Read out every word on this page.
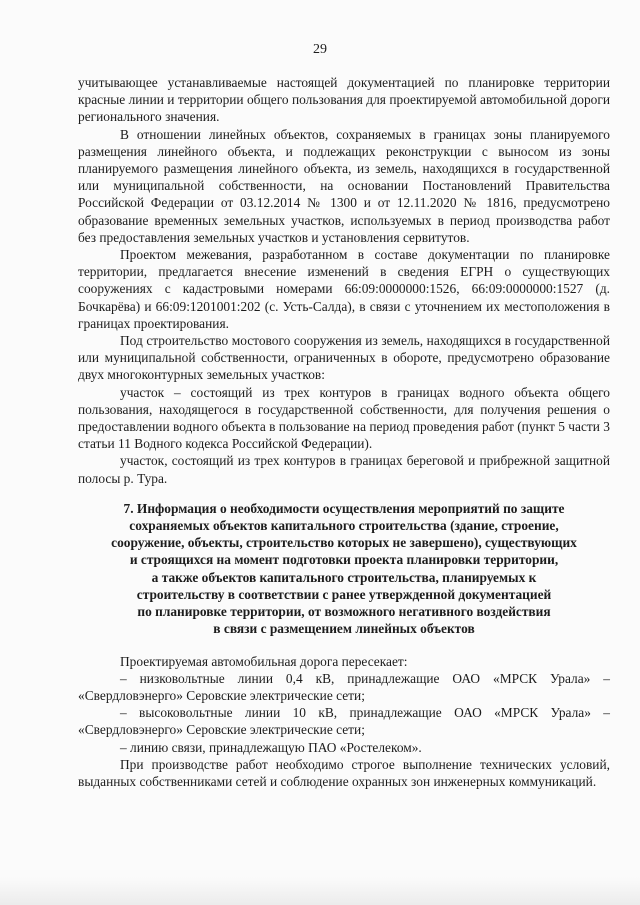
29

учитывающее устанавливаемые настоящей документацией по планировке территории красные линии и территории общего пользования для проектируемой автомобильной дороги регионального значения.

В отношении линейных объектов, сохраняемых в границах зоны планируемого размещения линейного объекта, и подлежащих реконструкции с выносом из зоны планируемого размещения линейного объекта, из земель, находящихся в государственной или муниципальной собственности, на основании Постановлений Правительства Российской Федерации от 03.12.2014 № 1300 и от 12.11.2020 № 1816, предусмотрено образование временных земельных участков, используемых в период производства работ без предоставления земельных участков и установления сервитутов.

Проектом межевания, разработанном в составе документации по планировке территории, предлагается внесение изменений в сведения ЕГРН о существующих сооружениях с кадастровыми номерами 66:09:0000000:1526, 66:09:0000000:1527 (д. Бочкарёва) и 66:09:1201001:202 (с. Усть-Салда), в связи с уточнением их местоположения в границах проектирования.

Под строительство мостового сооружения из земель, находящихся в государственной или муниципальной собственности, ограниченных в обороте, предусмотрено образование двух многоконтурных земельных участков:

участок – состоящий из трех контуров в границах водного объекта общего пользования, находящегося в государственной собственности, для получения решения о предоставлении водного объекта в пользование на период проведения работ (пункт 5 части 3 статьи 11 Водного кодекса Российской Федерации).

участок, состоящий из трех контуров в границах береговой и прибрежной защитной полосы р. Тура.

7. Информация о необходимости осуществления мероприятий по защите
сохраняемых объектов капитального строительства (здание, строение,
сооружение, объекты, строительство которых не завершено), существующих
и строящихся на момент подготовки проекта планировки территории,
а также объектов капитального строительства, планируемых к
строительству в соответствии с ранее утвержденной документацией
по планировке территории, от возможного негативного воздействия
в связи с размещением линейных объектов

Проектируемая автомобильная дорога пересекает:

– низковольтные линии 0,4 кВ, принадлежащие ОАО «МРСК Урала» – «Свердловэнерго» Серовские электрические сети;

– высоковольтные линии 10 кВ, принадлежащие ОАО «МРСК Урала» – «Свердловэнерго» Серовские электрические сети;

– линию связи, принадлежащую ПАО «Ростелеком».

При производстве работ необходимо строгое выполнение технических условий, выданных собственниками сетей и соблюдение охранных зон инженерных коммуникаций.
